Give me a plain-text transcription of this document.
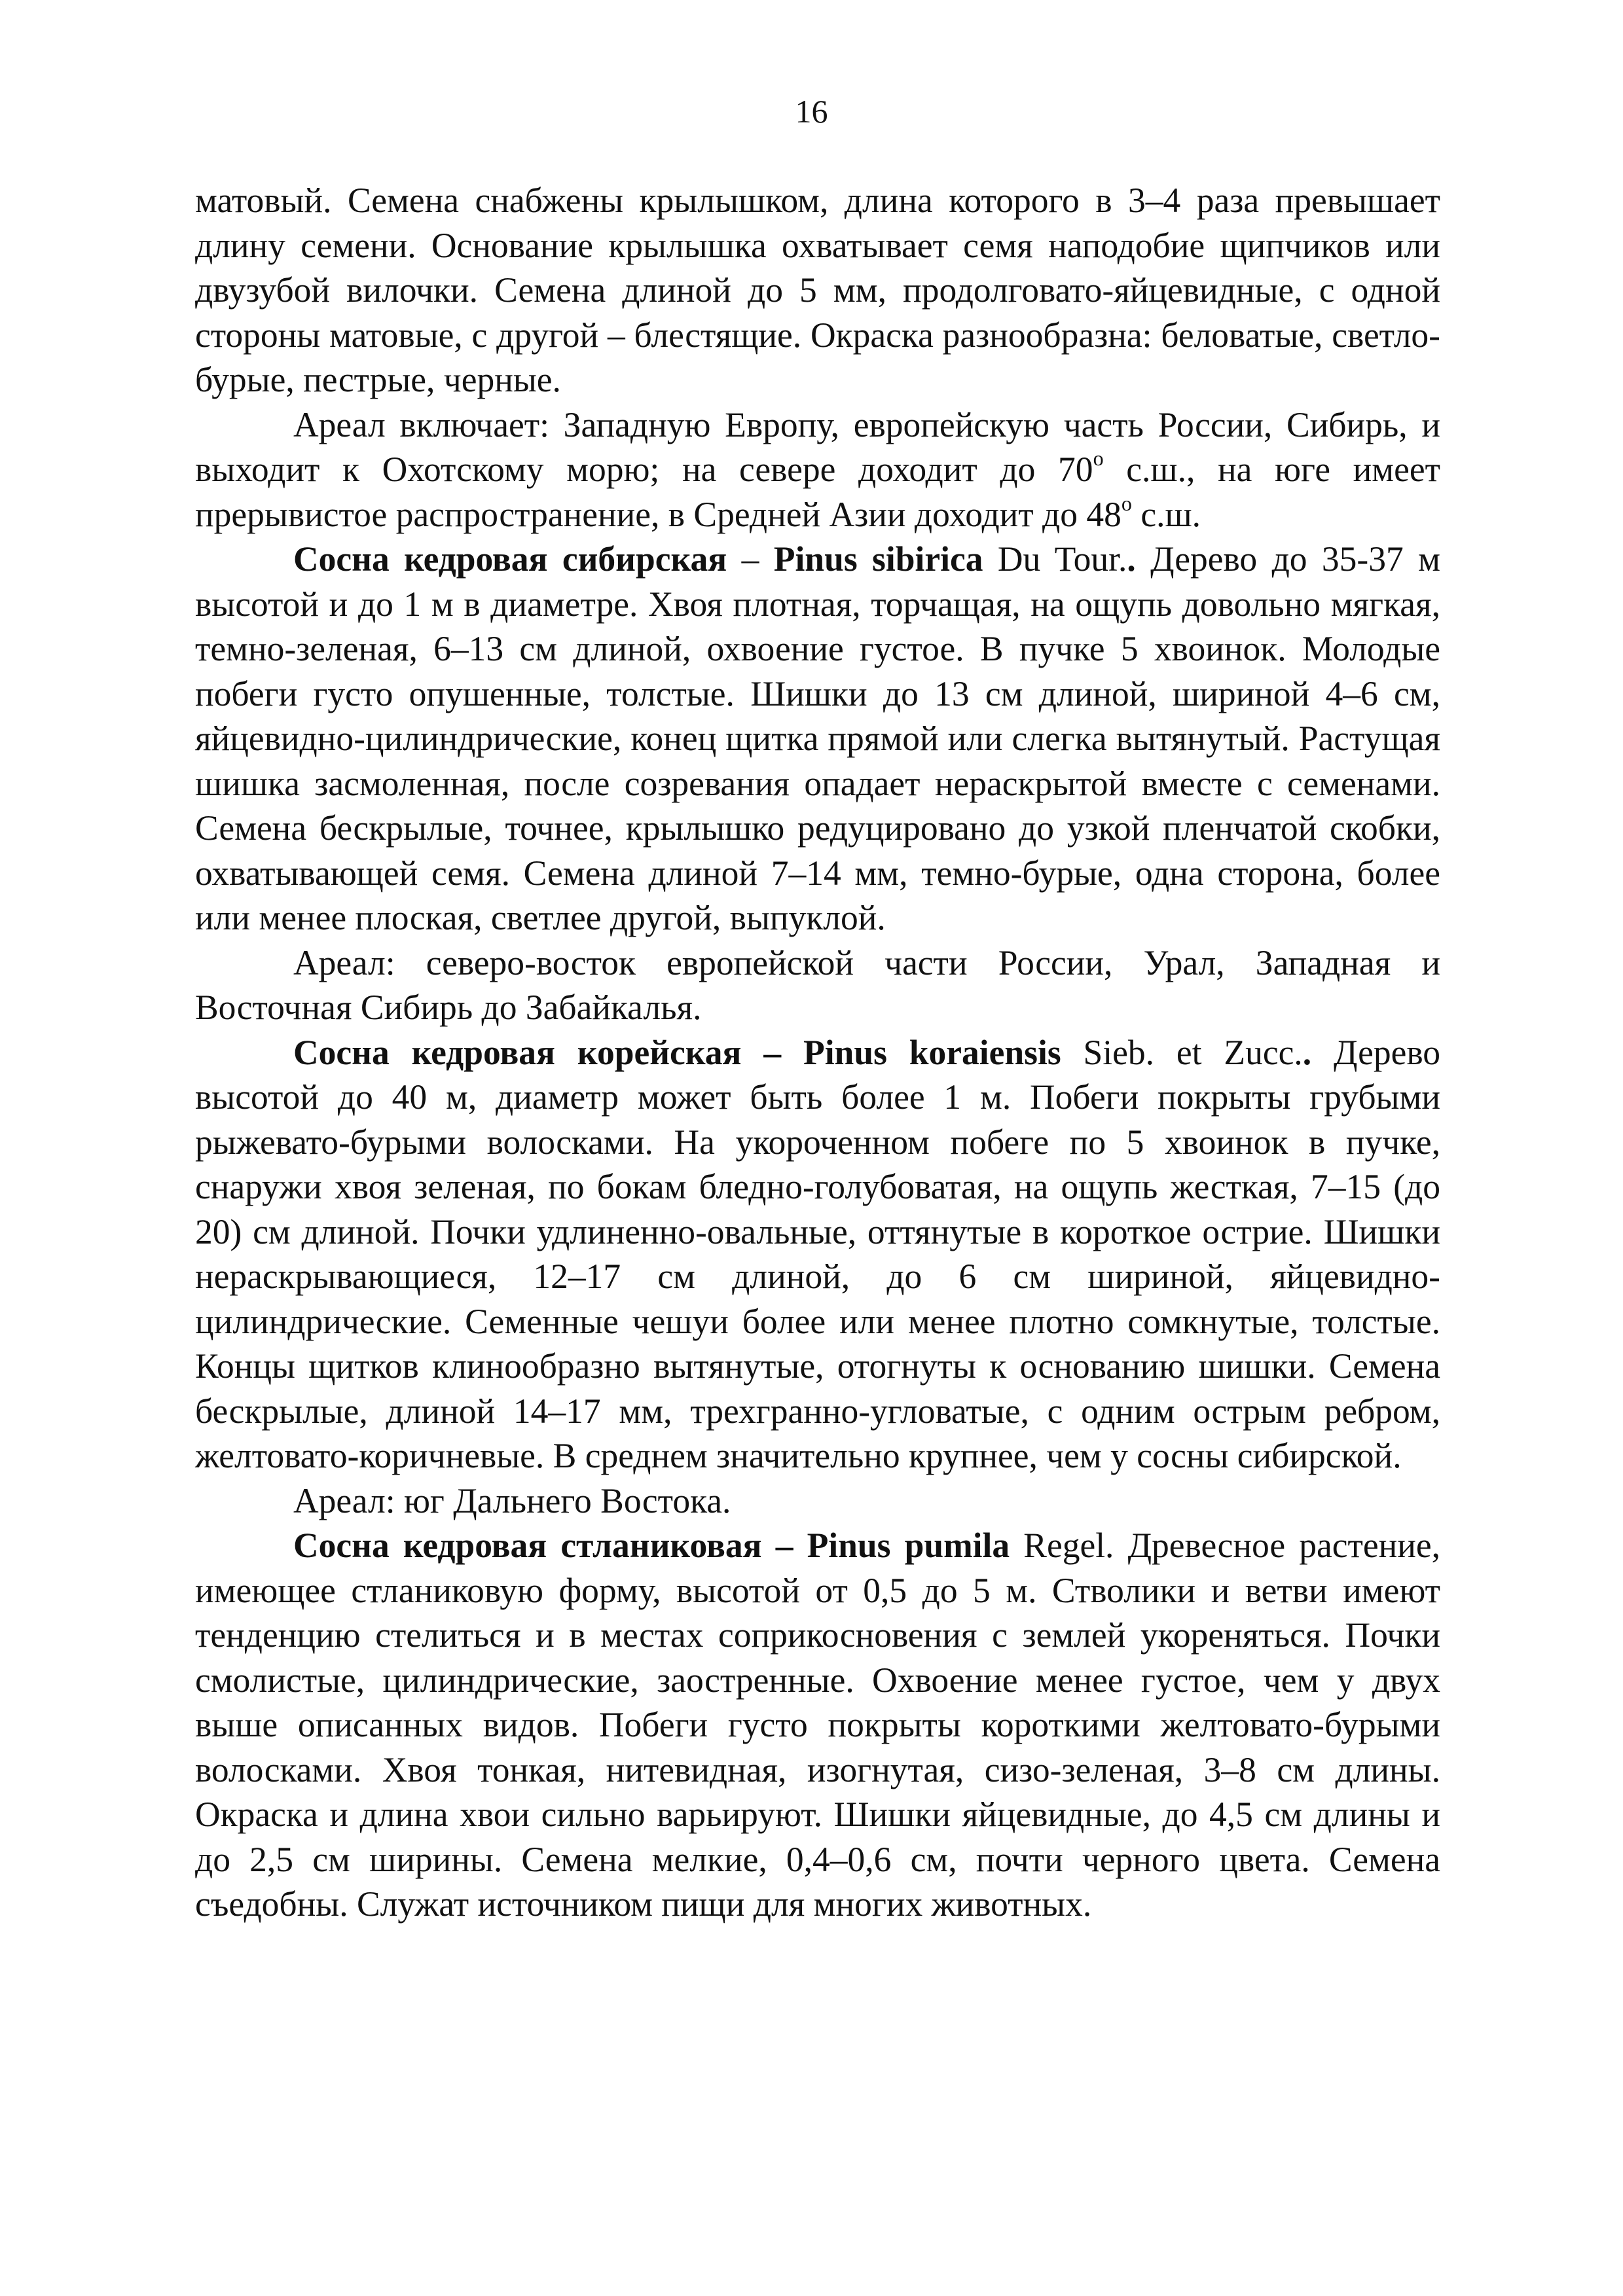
16

матовый. Семена снабжены крылышком, длина которого в 3–4 раза превышает длину семени. Основание крылышка охватывает семя наподобие щипчиков или двузубой вилочки. Семена длиной до 5 мм, продолговато-яйцевидные, с одной стороны матовые, с другой – блестящие. Окраска разнообразна: беловатые, светло-бурые, пестрые, черные.

Ареал включает: Западную Европу, европейскую часть России, Сибирь, и выходит к Охотскому морю; на севере доходит до $70^о$ с.ш., на юге имеет прерывистое распространение, в Средней Азии доходит до $48^о$ с.ш.

Сосна кедровая сибирская – Pinus sibirica Du Tour.. Дерево до 35-37 м высотой и до 1 м в диаметре. Хвоя плотная, торчащая, на ощупь довольно мягкая, темно-зеленая, 6–13 см длиной, охвоение густое. В пучке 5 хвоинок. Молодые побеги густо опушенные, толстые. Шишки до 13 см длиной, шириной 4–6 см, яйцевидно-цилиндрические, конец щитка прямой или слегка вытянутый. Растущая шишка засмоленная, после созревания опадает нераскрытой вместе с семенами. Семена бескрылые, точнее, крылышко редуцировано до узкой пленчатой скобки, охватывающей семя. Семена длиной 7–14 мм, темно-бурые, одна сторона, более или менее плоская, светлее другой, выпуклой.

Ареал: северо-восток европейской части России, Урал, Западная и Восточная Сибирь до Забайкалья.

Сосна кедровая корейская – Pinus koraiensis Sieb. et Zucc.. Дерево высотой до 40 м, диаметр может быть более 1 м. Побеги покрыты грубыми рыжевато-бурыми волосками. На укороченном побеге по 5 хвоинок в пучке, снаружи хвоя зеленая, по бокам бледно-голубоватая, на ощупь жесткая, 7–15 (до 20) см длиной. Почки удлиненно-овальные, оттянутые в короткое острие. Шишки нераскрывающиеся, 12–17 см длиной, до 6 см шириной, яйцевидно-цилиндрические. Семенные чешуи более или менее плотно сомкнутые, толстые. Концы щитков клинообразно вытянутые, отогнуты к основанию шишки. Семена бескрылые, длиной 14–17 мм, трехгранно-угловатые, с одним острым ребром, желтовато-коричневые. В среднем значительно крупнее, чем у сосны сибирской.

Ареал: юг Дальнего Востока.

Сосна кедровая стланиковая – Pinus pumila Regel. Древесное растение, имеющее стланиковую форму, высотой от 0,5 до 5 м. Стволики и ветви имеют тенденцию стелиться и в местах соприкосновения с землей укореняться. Почки смолистые, цилиндрические, заостренные. Охвоение менее густое, чем у двух выше описанных видов. Побеги густо покрыты короткими желтовато-бурыми волосками. Хвоя тонкая, нитевидная, изогнутая, сизо-зеленая, 3–8 см длины. Окраска и длина хвои сильно варьируют. Шишки яйцевидные, до 4,5 см длины и до 2,5 см ширины. Семена мелкие, 0,4–0,6 см, почти черного цвета. Семена съедобны. Служат источником пищи для многих животных.
